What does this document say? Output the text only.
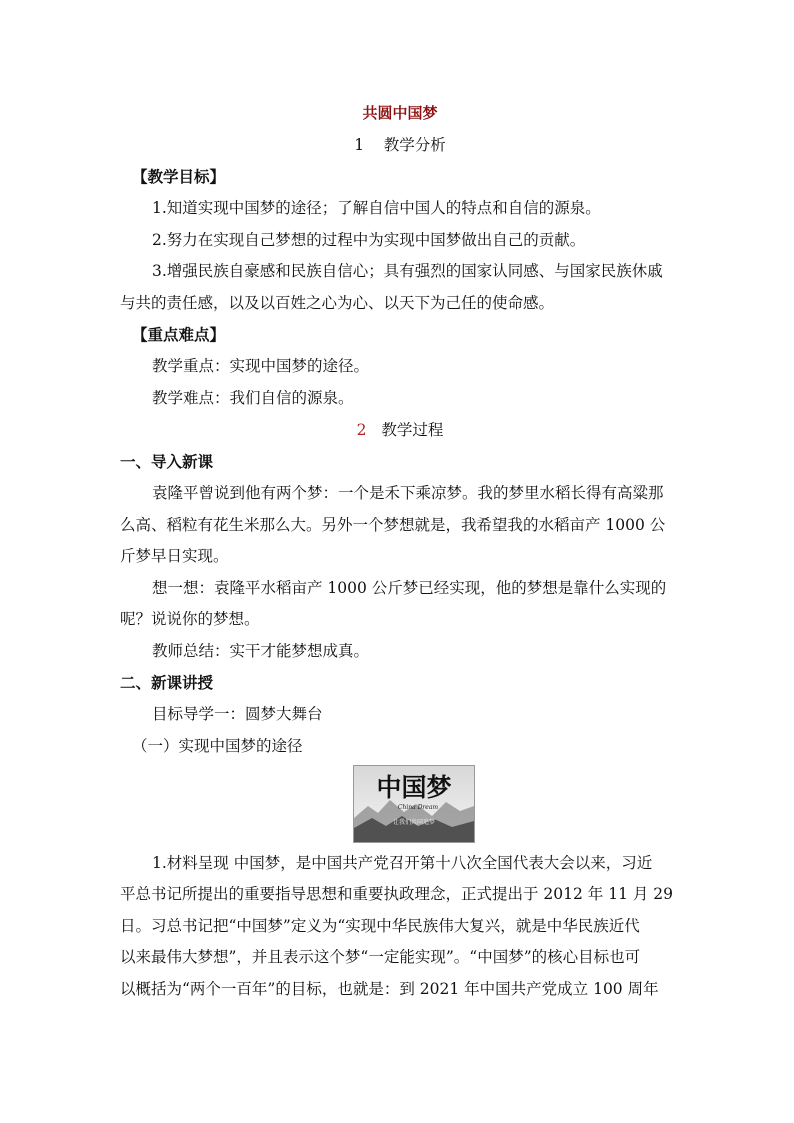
共圆中国梦
1 教学分析
【教学目标】
1.知道实现中国梦的途径；了解自信中国人的特点和自信的源泉。
2.努力在实现自己梦想的过程中为实现中国梦做出自己的贡献。
3.增强民族自豪感和民族自信心；具有强烈的国家认同感、与国家民族休戚
与共的责任感，以及以百姓之心为心、以天下为己任的使命感。
【重点难点】
教学重点：实现中国梦的途径。
教学难点：我们自信的源泉。
2 教学过程
一、导入新课
袁隆平曾说到他有两个梦：一个是禾下乘凉梦。我的梦里水稻长得有高粱那
么高、稻粒有花生米那么大。另外一个梦想就是，我希望我的水稻亩产 1000 公
斤梦早日实现。
想一想：袁隆平水稻亩产 1000 公斤梦已经实现，他的梦想是靠什么实现的
呢？说说你的梦想。
教师总结：实干才能梦想成真。
二、新课讲授
目标导学一：圆梦大舞台
（一）实现中国梦的途径
中国梦
China Dream
让我们共同追梦
1.材料呈现 中国梦，是中国共产党召开第十八次全国代表大会以来，习近
平总书记所提出的重要指导思想和重要执政理念，正式提出于 2012 年 11 月 29
日。习总书记把“中国梦”定义为“实现中华民族伟大复兴，就是中华民族近代
以来最伟大梦想”，并且表示这个梦“一定能实现”。“中国梦”的核心目标也可
以概括为“两个一百年”的目标，也就是：到 2021 年中国共产党成立 100 周年
